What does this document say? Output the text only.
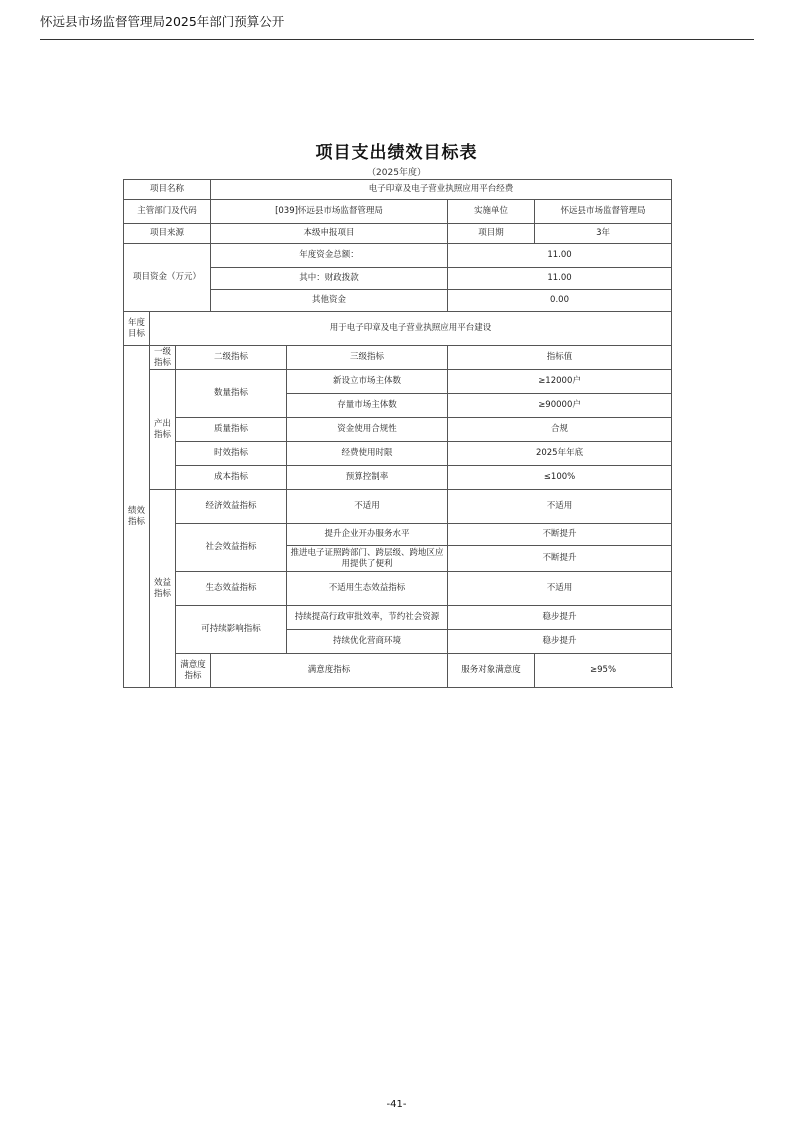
怀远县市场监督管理局2025年部门预算公开
项目支出绩效目标表
（2025年度）
项目名称			电子印章及电子营业执照应用平台经费			
主管部门及代码			[039]怀远县市场监督管理局		实施单位	怀远县市场监督管理局
项目来源			本级申报项目		项目期	3年
项目资金（万元）			年度资金总额：		11.00	
			其中：财政拨款		11.00	
			其他资金		0.00	
年度目标	用于电子印章及电子营业执照应用平台建设					
绩效指标	一级指标	二级指标		三级指标	指标值	
	产出指标	数量指标		新设立市场主体数	≥12000户	
				存量市场主体数	≥90000户	
		质量指标		资金使用合规性	合规	
		时效指标		经费使用时限	2025年年底	
		成本指标		预算控制率	≤100%	
	效益指标	经济效益指标		不适用	不适用	
		社会效益指标		提升企业开办服务水平	不断提升	
				推进电子证照跨部门、跨层级、跨地区应用提供了便利	不断提升	
		生态效益指标		不适用生态效益指标	不适用	
		可持续影响指标		持续提高行政审批效率，节约社会资源	稳步提升	
				持续优化营商环境	稳步提升	
		满意度指标	满意度指标		服务对象满意度	≥95%
-41-
